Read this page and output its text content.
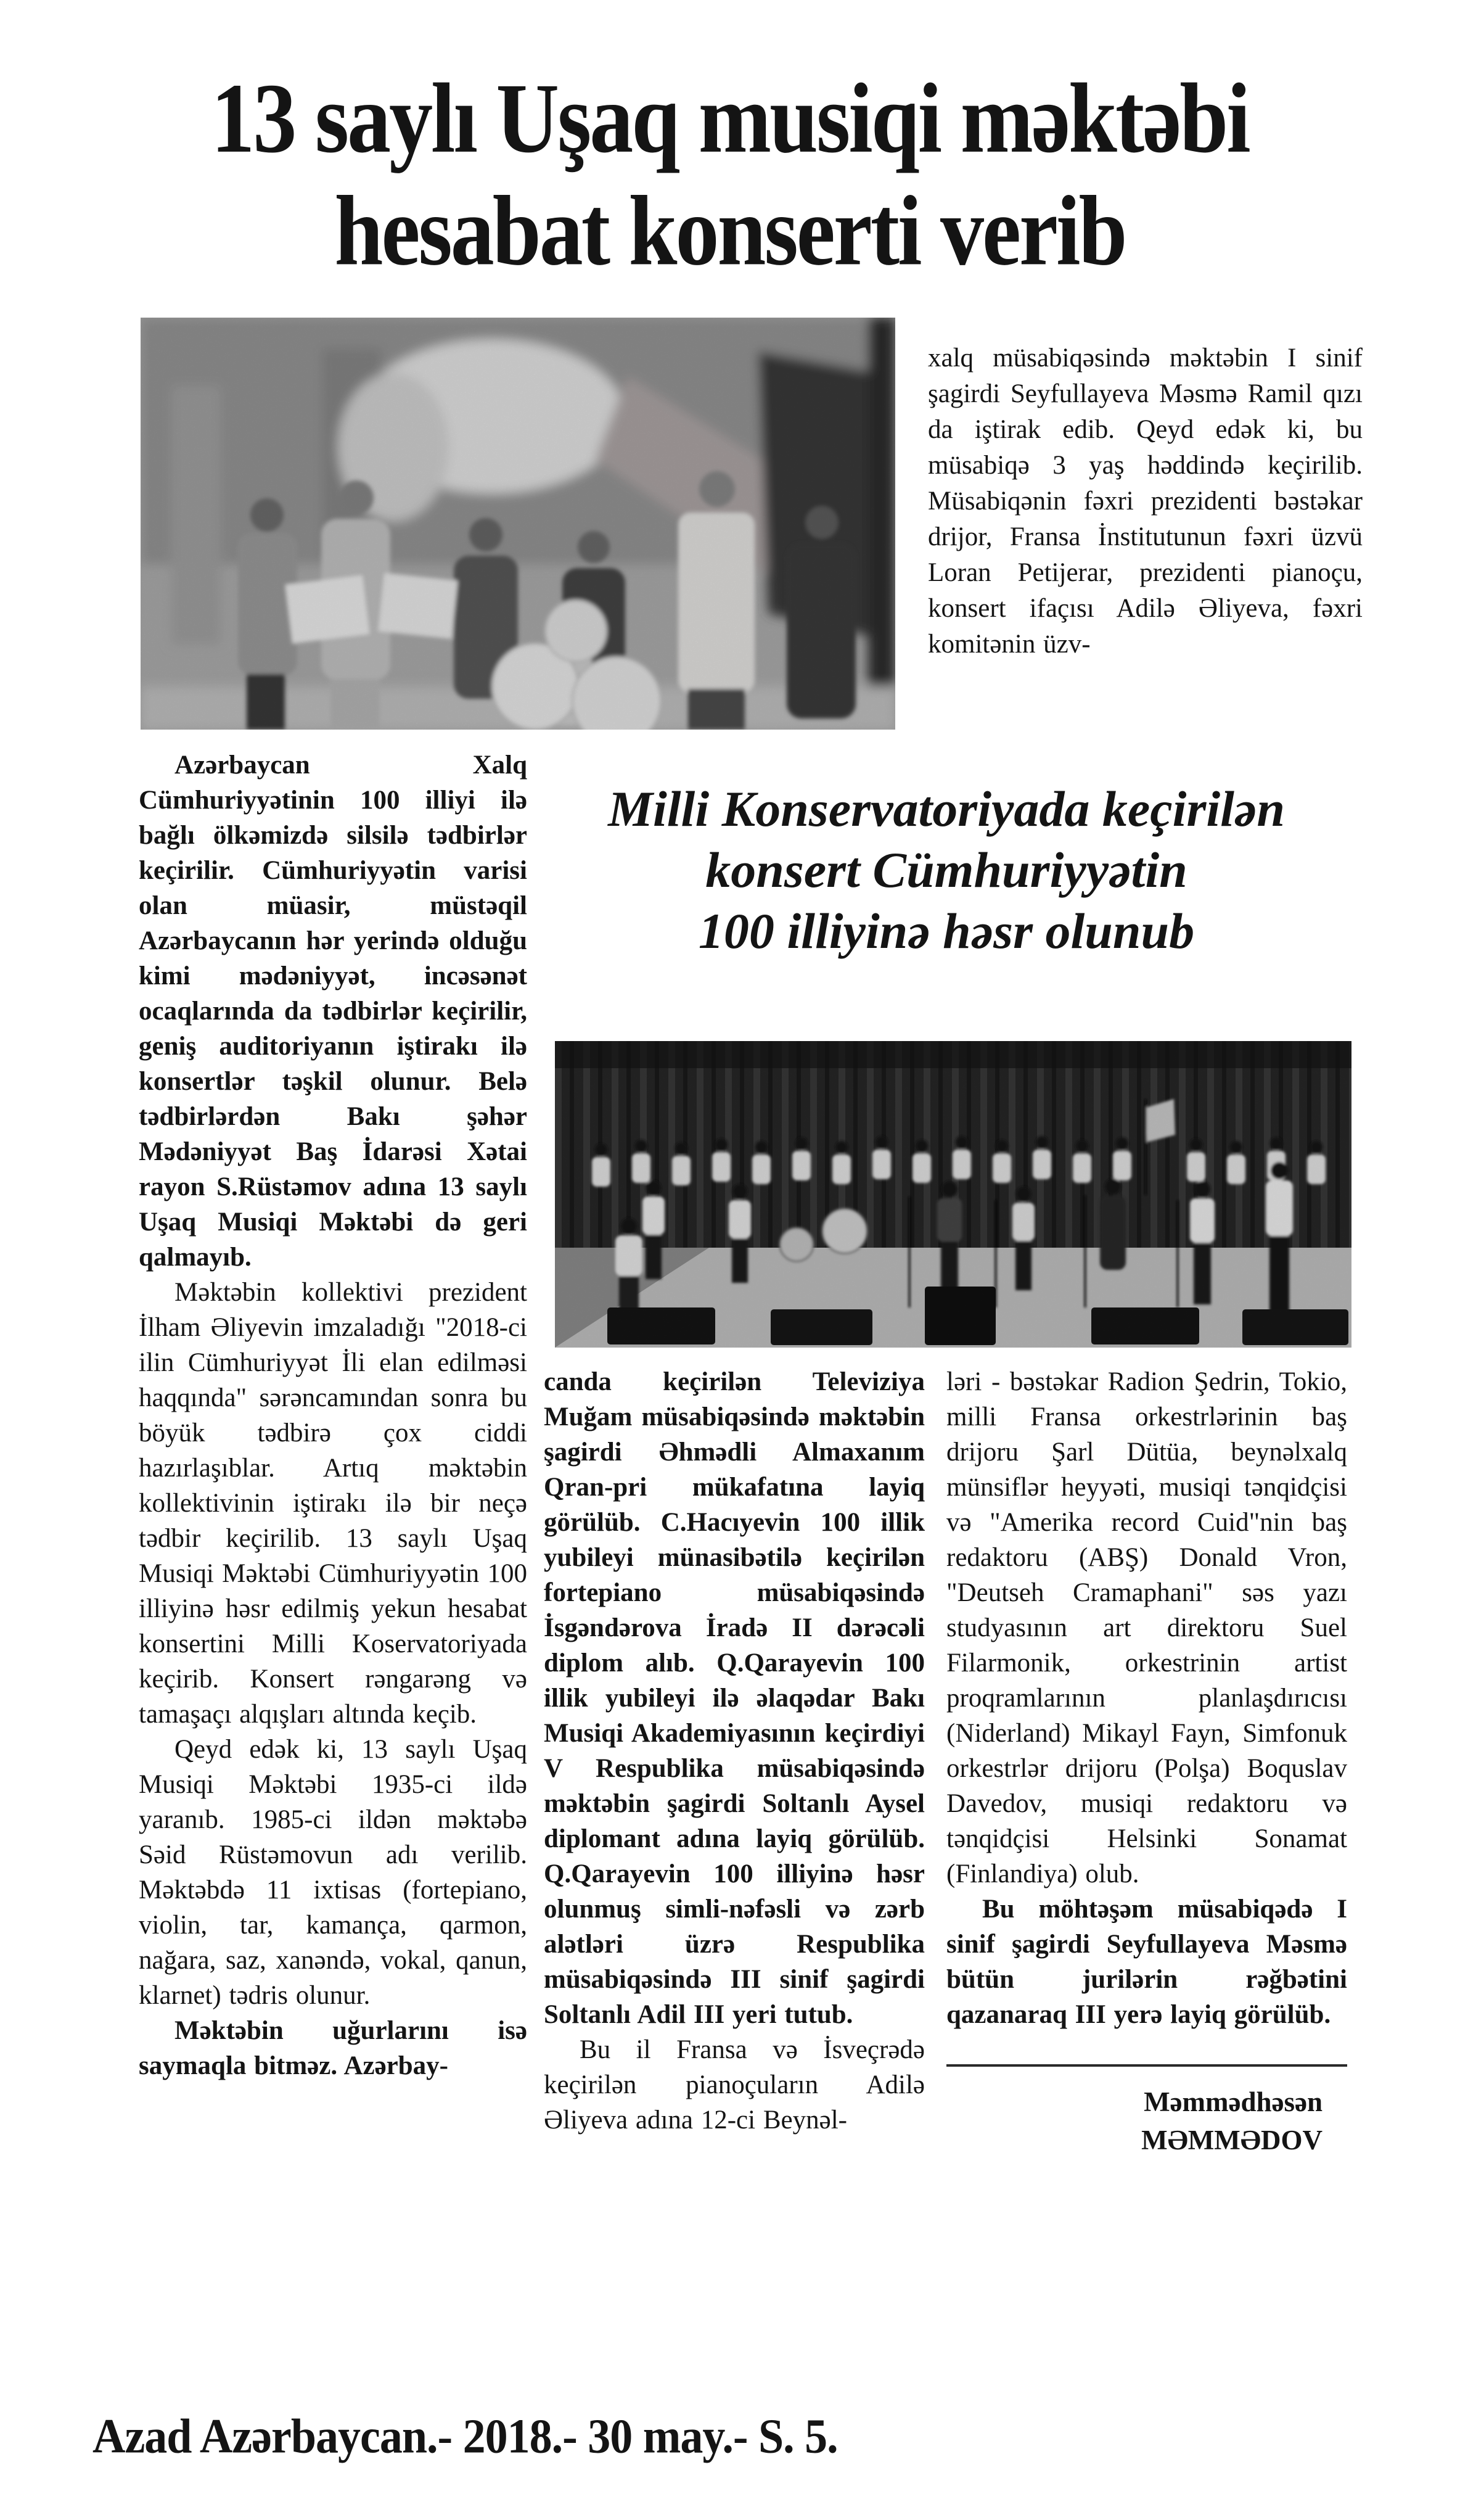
13 saylı Uşaq musiqi məktəbi
hesabat konserti verib

xalq müsabiqəsində məktəbin I sinif şagirdi Seyfullayeva Məsmə Ramil qızı da iştirak edib. Qeyd edək ki, bu müsabiqə 3 yaş həddində keçirilib. Müsabiqənin fəxri prezidenti bəstəkar drijor, Fransa İnstitutunun fəxri üzvü Loran Petijerar, prezidenti pianoçu, konsert ifaçısı Adilə Əliyeva, fəxri komitənin üzv-

Milli Konservatoriyada keçirilən
konsert Cümhuriyyətin
100 illiyinə həsr olunub

Azərbaycan Xalq Cümhuriyyətinin 100 illiyi ilə bağlı ölkəmizdə silsilə tədbirlər keçirilir. Cümhuriyyətin varisi olan müasir, müstəqil Azərbaycanın hər yerində olduğu kimi mədəniyyət, incəsənət ocaqlarında da tədbirlər keçirilir, geniş auditoriyanın iştirakı ilə konsertlər təşkil olunur. Belə tədbirlərdən Bakı şəhər Mədəniyyət Baş İdarəsi Xətai rayon S.Rüstəmov adına 13 saylı Uşaq Musiqi Məktəbi də geri qalmayıb.

Məktəbin kollektivi prezident İlham Əliyevin imzaladığı "2018-ci ilin Cümhuriyyət İli elan edilməsi haqqında" sərəncamından sonra bu böyük tədbirə çox ciddi hazırlaşıblar. Artıq məktəbin kollektivinin iştirakı ilə bir neçə tədbir keçirilib. 13 saylı Uşaq Musiqi Məktəbi Cümhuriyyətin 100 illiyinə həsr edilmiş yekun hesabat konsertini Milli Koservatoriyada keçirib. Konsert rəngarəng və tamaşaçı alqışları altında keçib.

Qeyd edək ki, 13 saylı Uşaq Musiqi Məktəbi 1935-ci ildə yaranıb. 1985-ci ildən məktəbə Səid Rüstəmovun adı verilib. Məktəbdə 11 ixtisas (fortepiano, violin, tar, kamança, qarmon, nağara, saz, xanəndə, vokal, qanun, klarnet) tədris olunur.

Məktəbin uğurlarını isə saymaqla bitməz. Azərbay-

canda keçirilən Televiziya Muğam müsabiqəsində məktəbin şagirdi Əhmədli Almaxanım Qran-pri mükafatına layiq görülüb. C.Hacıyevin 100 illik yubileyi münasibətilə keçirilən fortepiano müsabiqəsində İsgəndərova İradə II dərəcəli diplom alıb. Q.Qarayevin 100 illik yubileyi ilə əlaqədar Bakı Musiqi Akademiyasının keçirdiyi V Respublika müsabiqəsində məktəbin şagirdi Soltanlı Aysel diplomant adına layiq görülüb. Q.Qarayevin 100 illiyinə həsr olunmuş simli-nəfəsli və zərb alətləri üzrə Respublika müsabiqəsində III sinif şagirdi Soltanlı Adil III yeri tutub.

Bu il Fransa və İsveçrədə keçirilən pianoçuların Adilə Əliyeva adına 12-ci Beynəl-

ləri - bəstəkar Radion Şedrin, Tokio, milli Fransa orkestrlərinin baş drijoru Şarl Dütüa, beynəlxalq münsiflər heyyəti, musiqi tənqidçisi və "Amerika record Cuid"nin baş redaktoru (ABŞ) Donald Vron, "Deutseh Cramaphani" səs yazı studyasının art direktoru Suel Filarmonik, orkestrinin artist proqramlarının planlaşdırıcısı (Niderland) Mikayl Fayn, Simfonuk orkestrlər drijoru (Polşa) Boquslav Davedov, musiqi redaktoru və tənqidçisi Helsinki Sonamat (Finlandiya) olub.

Bu möhtəşəm müsabiqədə I sinif şagirdi Seyfullayeva Məsmə bütün jurilərin rəğbətini qazanaraq III yerə layiq görülüb.

Məmmədhəsən
MƏMMƏDOV
Azad Azərbaycan.- 2018.- 30 may.- S. 5.
